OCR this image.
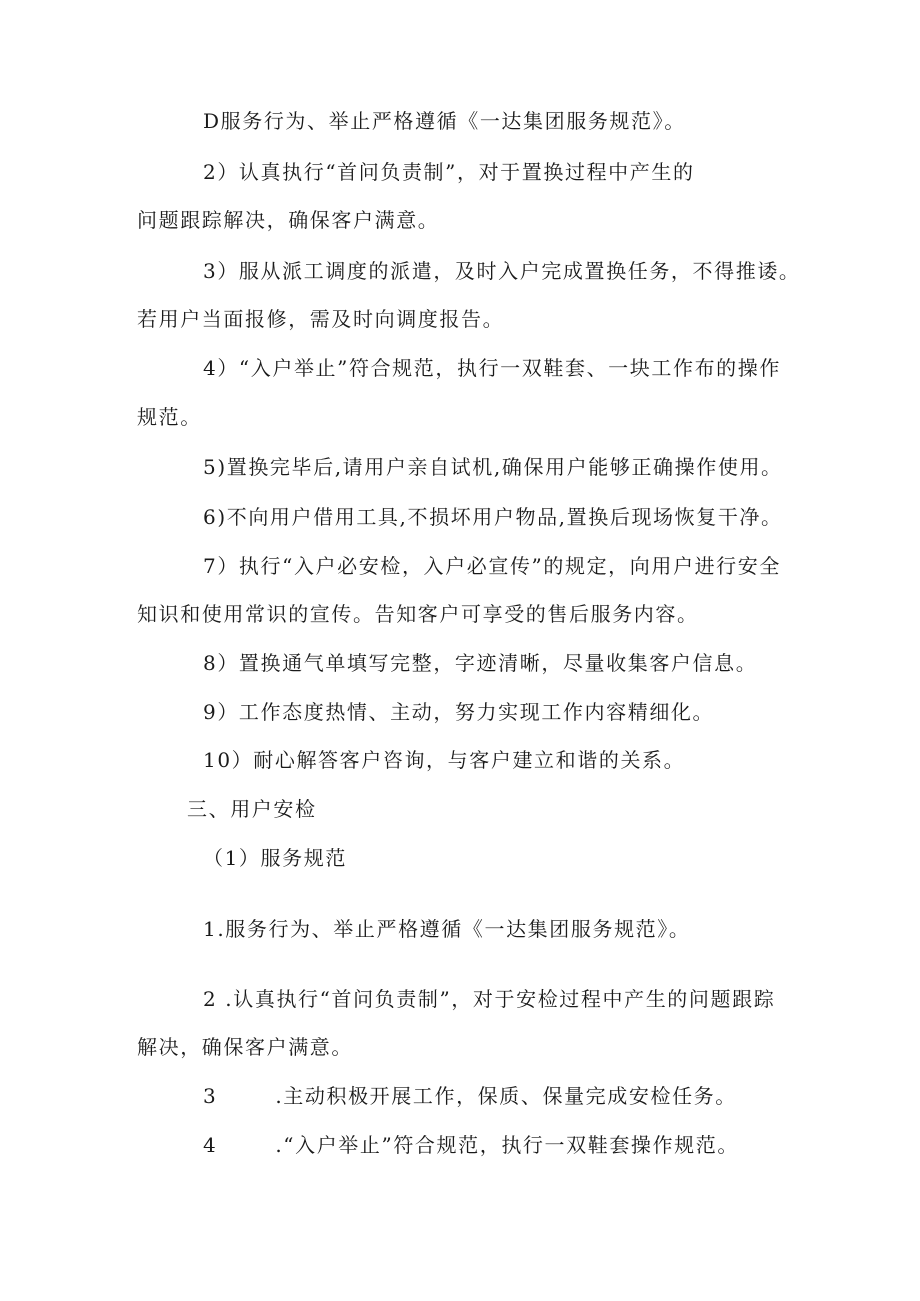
D服务行为、举止严格遵循《一达集团服务规范》。
2）认真执行“首问负责制”，对于置换过程中产生的
问题跟踪解决，确保客户满意。
3）服从派工调度的派遣，及时入户完成置换任务，不得推诿。
若用户当面报修，需及时向调度报告。
4）“入户举止”符合规范，执行一双鞋套、一块工作布的操作
规范。
5)置换完毕后,请用户亲自试机,确保用户能够正确操作使用。
6)不向用户借用工具,不损坏用户物品,置换后现场恢复干净。
7）执行“入户必安检，入户必宣传”的规定，向用户进行安全
知识和使用常识的宣传。告知客户可享受的售后服务内容。
8）置换通气单填写完整，字迹清晰，尽量收集客户信息。
9）工作态度热情、主动，努力实现工作内容精细化。
10）耐心解答客户咨询，与客户建立和谐的关系。
三、用户安检
（1）服务规范
1.服务行为、举止严格遵循《一达集团服务规范》。
2 .认真执行“首问负责制”，对于安检过程中产生的问题跟踪
解决，确保客户满意。
3	.主动积极开展工作，保质、保量完成安检任务。
4	.“入户举止”符合规范，执行一双鞋套操作规范。
